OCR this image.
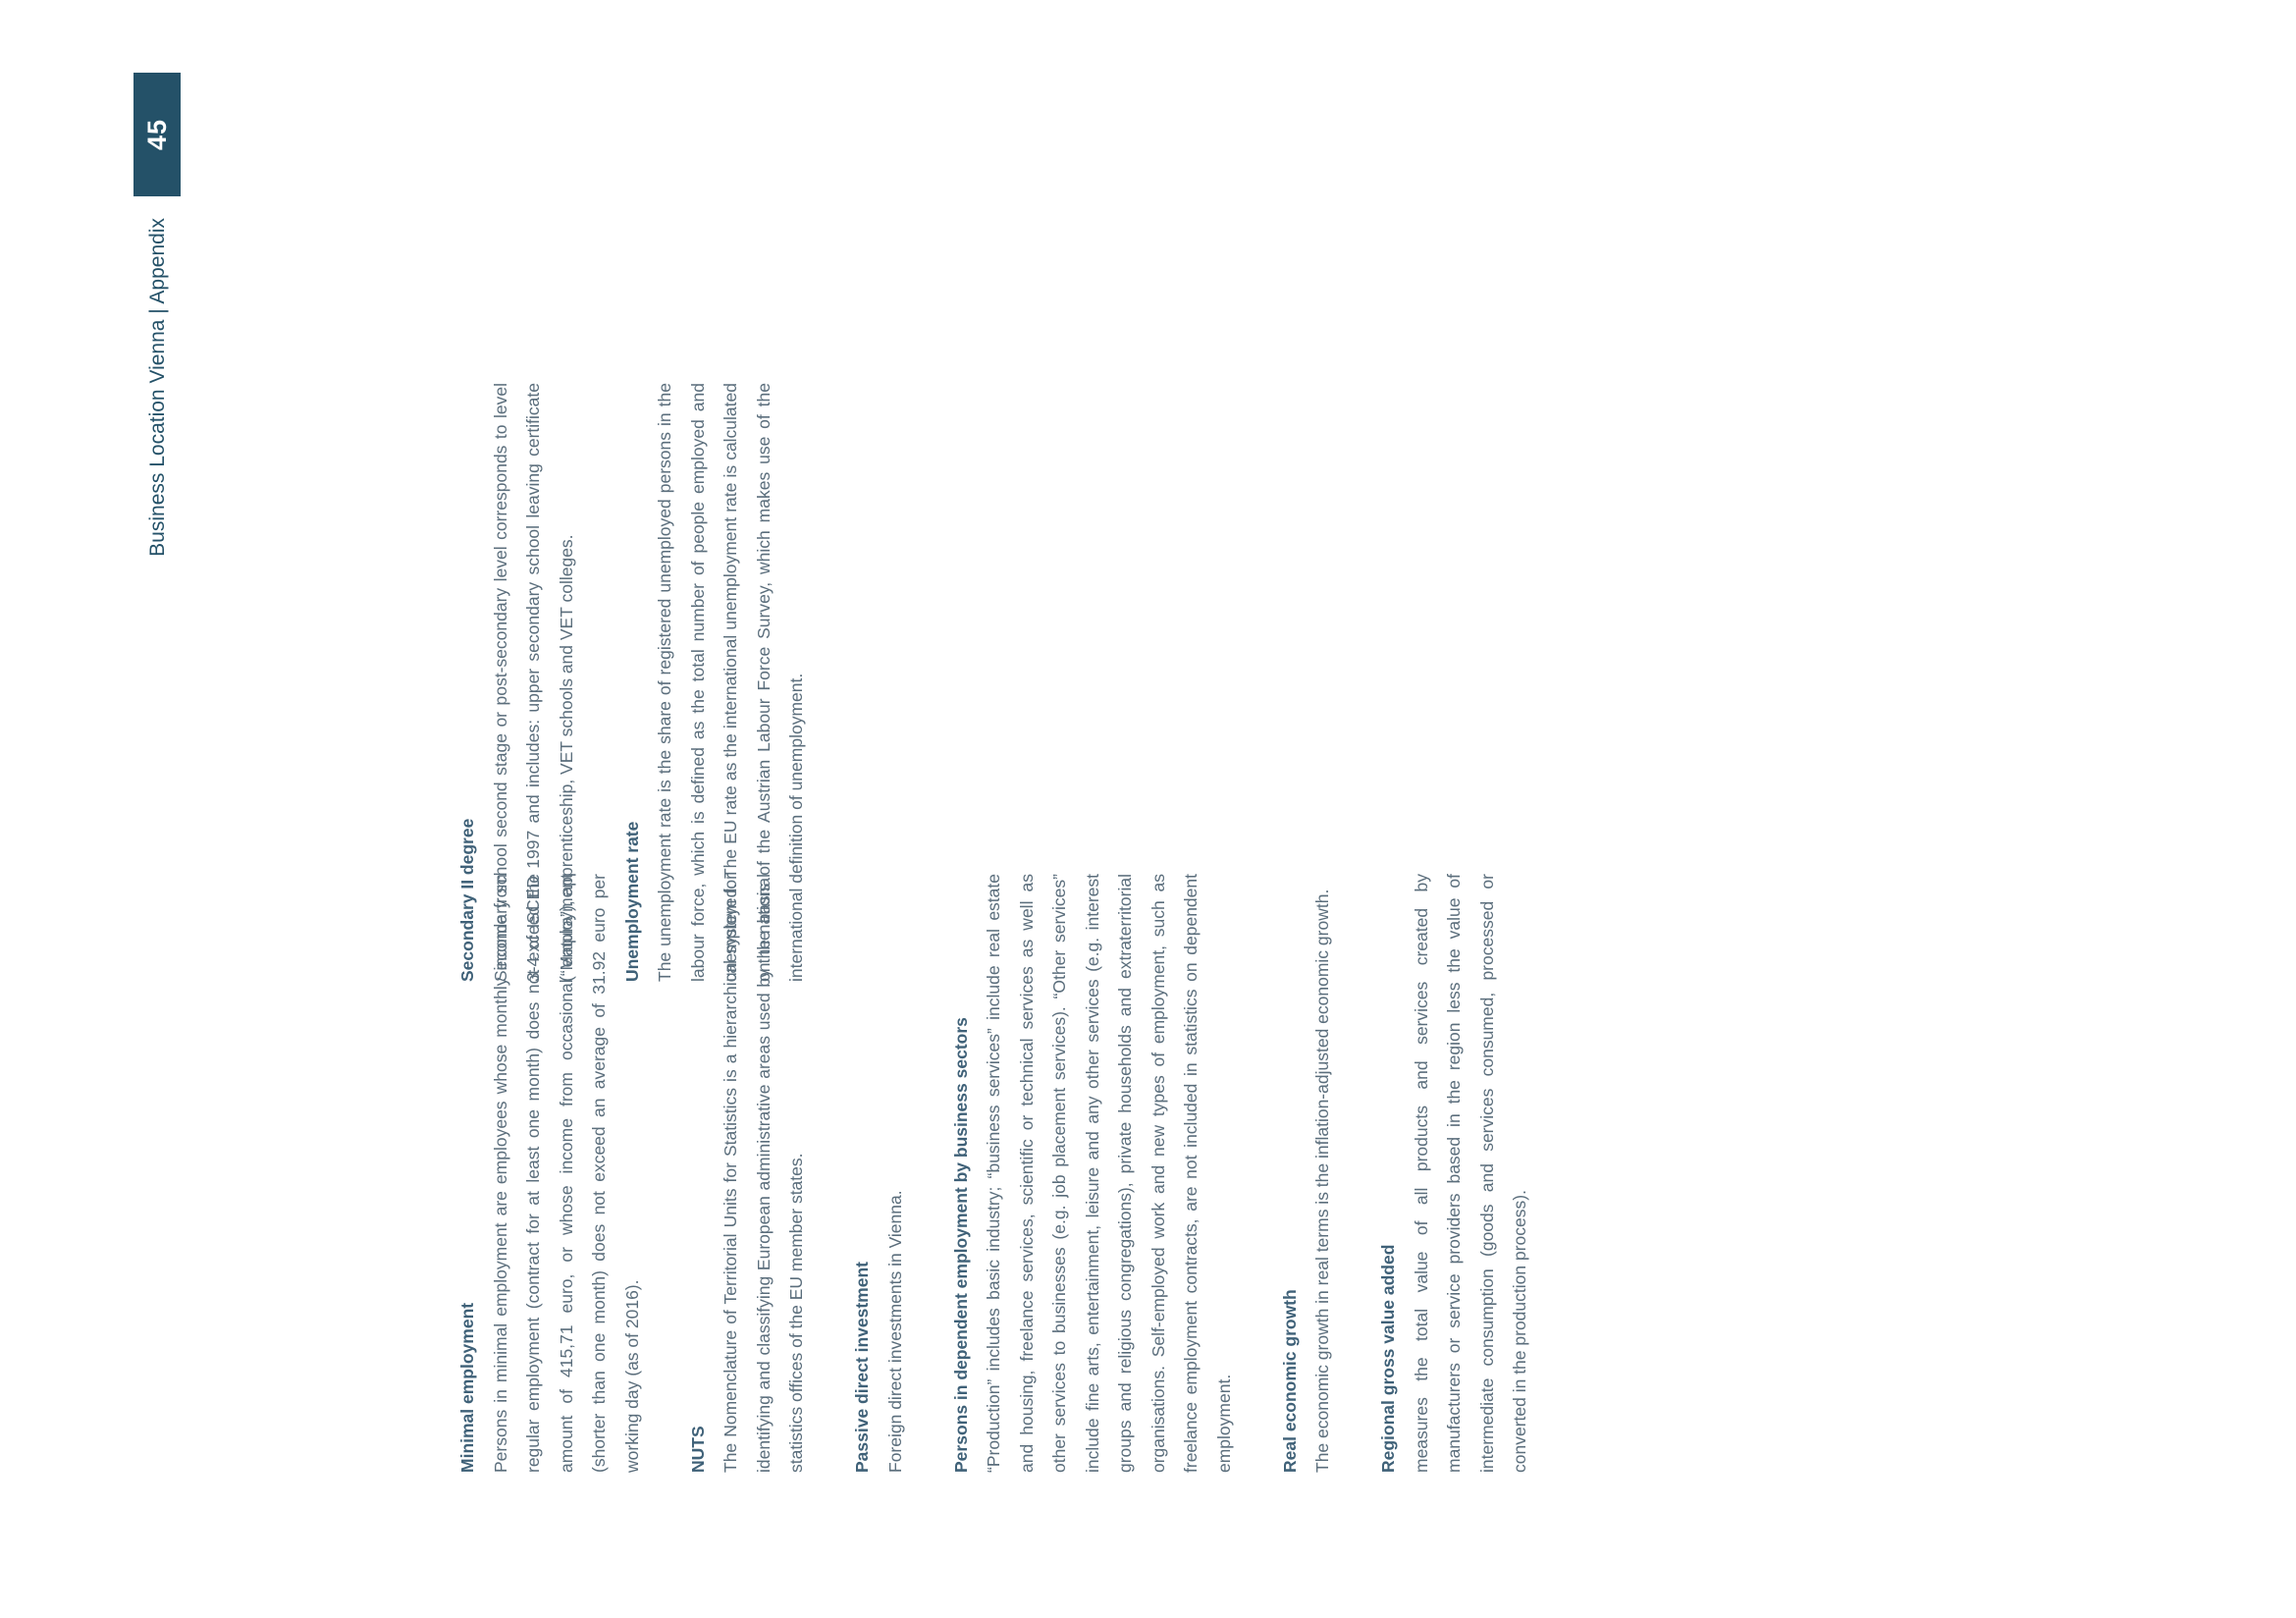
45
Business Location Vienna | Appendix
Minimal employment Persons in minimal employment are employees whose monthly income from regular employment (contract for at least one month) does not exceed the amount of 415,71 euro, or whose income from occasional employment (shorter than one month) does not exceed an average of 31.92 euro per working day (as of 2016).	NUTS The Nomenclature of Territorial Units for Statistics is a hierarchical system for identifying and classifying European administrative areas used by the national statistics offices of the EU member states.	Passive direct investment Foreign direct investments in Vienna.	Persons in dependent employment by business sectors “Production” includes basic industry; “business services” include real estate and housing, freelance services, scientific or technical services as well as other services to businesses (e.g. job placement services). “Other services” include fine arts, entertainment, leisure and any other services (e.g. interest groups and religious congregations), private households and extraterritorial organisations. Self-employed work and new types of employment, such as freelance employment contracts, are not included in statistics on dependent employment.	Real economic growth The economic growth in real terms is the inflation-adjusted economic growth.	Regional gross value added measures the total value of all products and services created by manufacturers or service providers based in the region less the value of intermediate consumption (goods and services consumed, processed or converted in the production process).
Secondary II degree Secondary school second stage or post-secondary level corresponds to level 3-4 of ISCED 1997 and includes: upper secondary school leaving certificate (“Matura”), apprenticeship, VET schools and VET colleges.	Unemployment rate The unemployment rate is the share of registered unemployed persons in the labour force, which is defined as the total number of people employed and unemployed. The EU rate as the international unemployment rate is calculated on the basis of the Austrian Labour Force Survey, which makes use of the international definition of unemployment.
